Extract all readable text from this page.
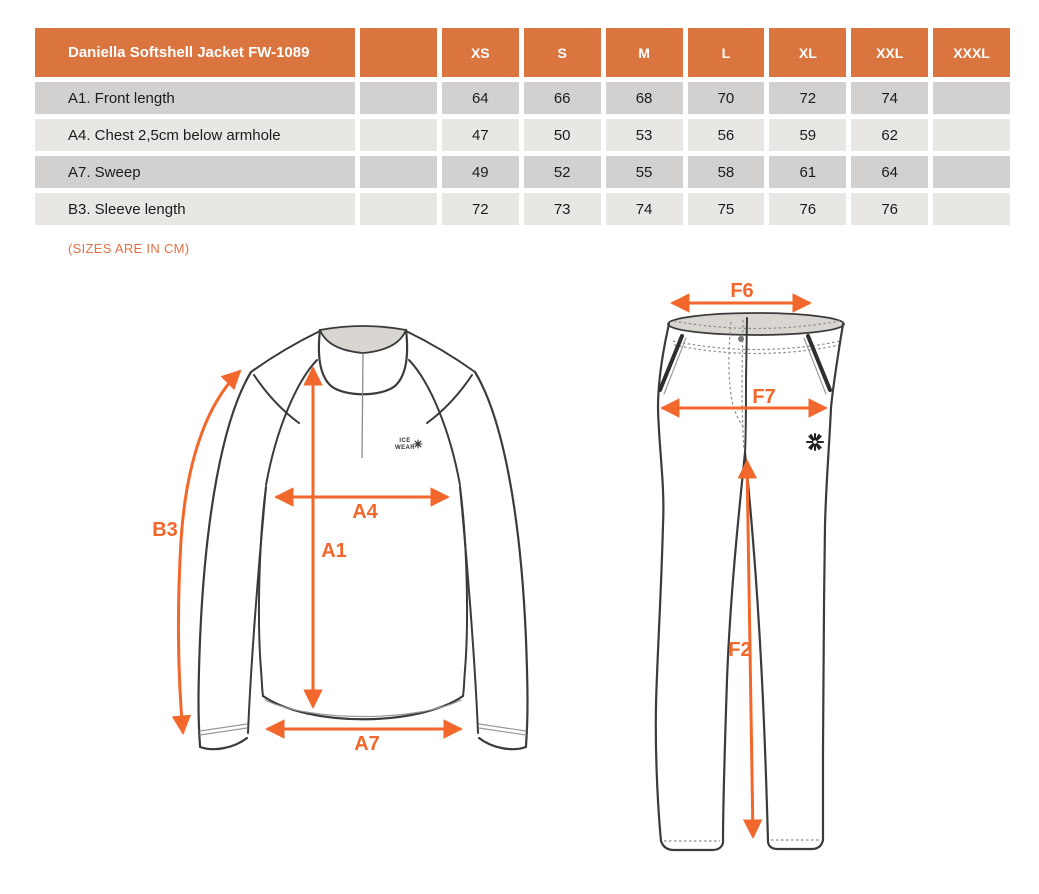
Daniella Softshell Jacket FW-1089	XS	S	M	L	XL	XXL	XXXL
A1. Front length	64	66	68	70	72	74
A4. Chest 2,5cm below armhole	47	50	53	56	59	62
A7. Sweep	49	52	55	58	61	64
B3. Sleeve length	72	73	74	75	76	76
(SIZES ARE IN CM)
ICE
WEAR
B3
A4
A1
A7
F6
F7
F2
